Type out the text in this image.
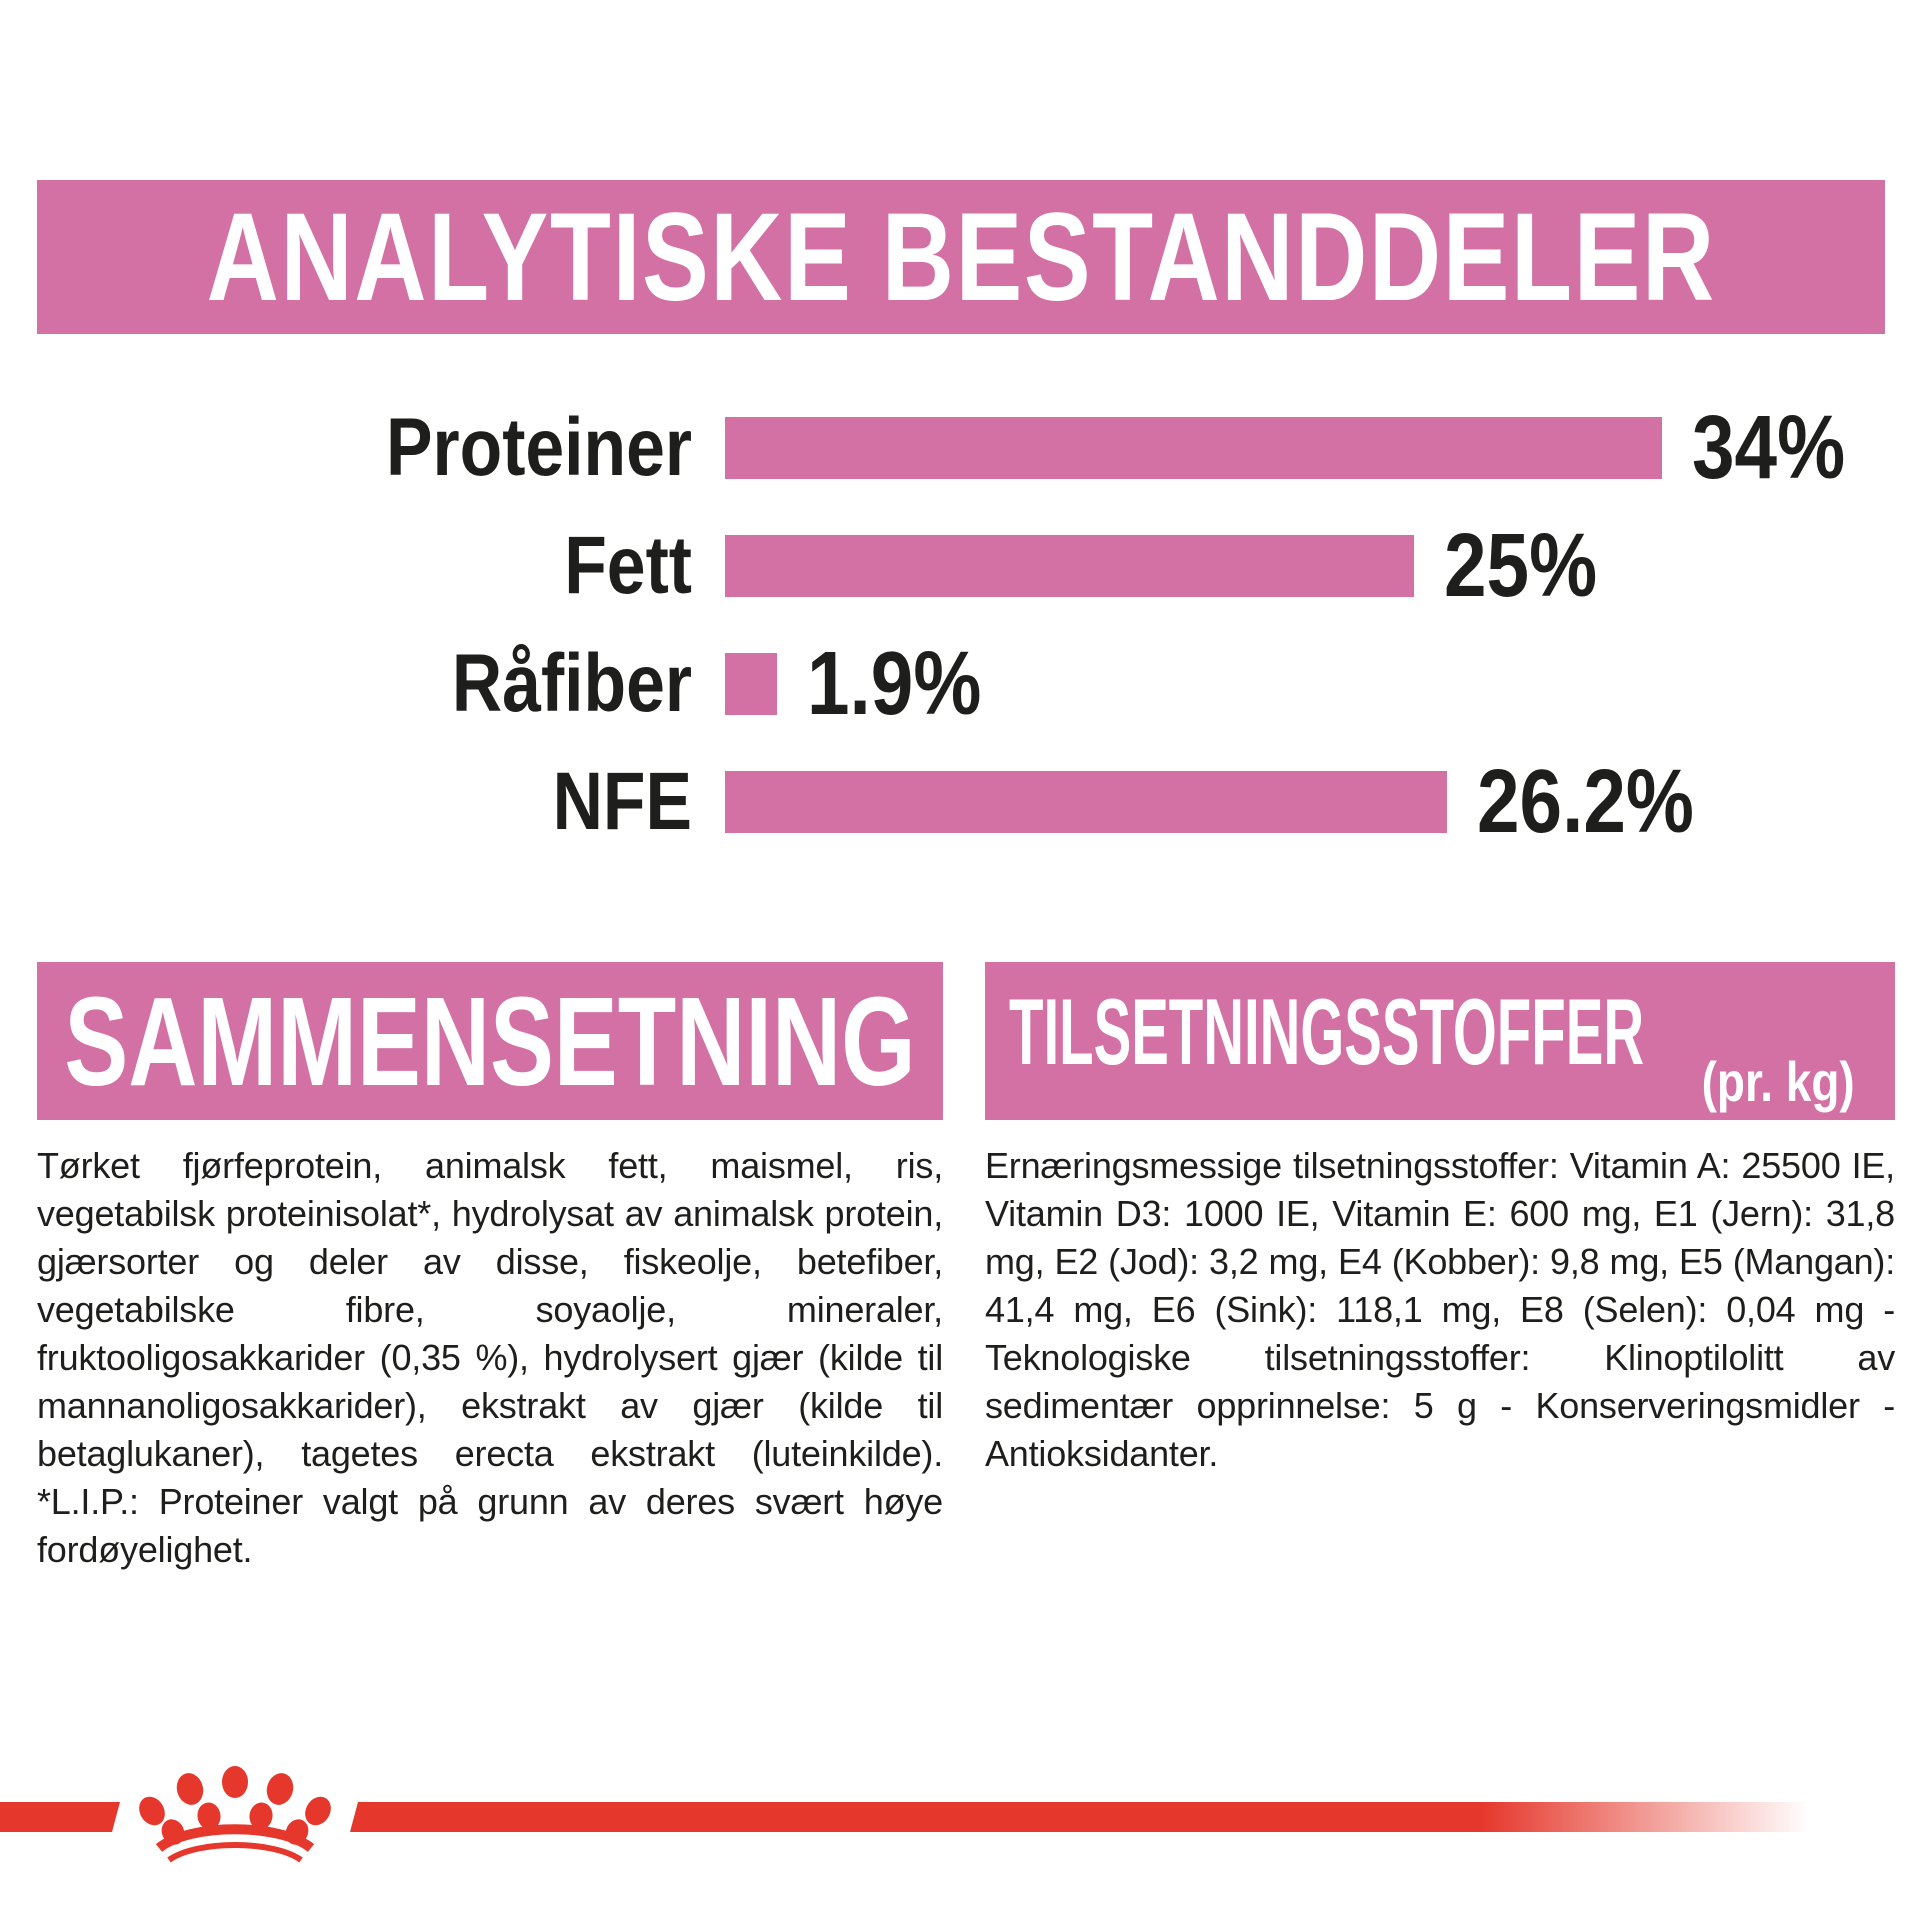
ANALYTISKE BESTANDDELER
Proteiner	34%
Fett	25%
Råfiber 1.9%
NFE	26.2%
SAMMENSETNING TILSETNINGSSTOFFER (pr. kg)
Tørket fjørfeprotein, animalsk fett, maismel, ris, vegetabilsk proteinisolat*, hydrolysat av animalsk protein, gjærsorter og deler av disse, fiskeolje, betefiber, vegetabilske fibre, soyaolje, mineraler, fruktooligosakkarider (0,35 %), hydrolysert gjær (kilde til mannanoligosakkarider), ekstrakt av gjær (kilde til betaglukaner), tagetes erecta ekstrakt (luteinkilde). *L.I.P.: Proteiner valgt på grunn av deres svært høye fordøyelighet.
Ernæringsmessige tilsetningsstoffer: Vitamin A: 25500 IE, Vitamin D3: 1000 IE, Vitamin E: 600 mg, E1 (Jern): 31,8 mg, E2 (Jod): 3,2 mg, E4 (Kobber): 9,8 mg, E5 (Mangan): 41,4 mg, E6 (Sink): 118,1 mg, E8 (Selen): 0,04 mg - Teknologiske tilsetningsstoffer: Klinoptilolitt av sedimentær opprinnelse: 5 g - Konserveringsmidler - Antioksidanter.
